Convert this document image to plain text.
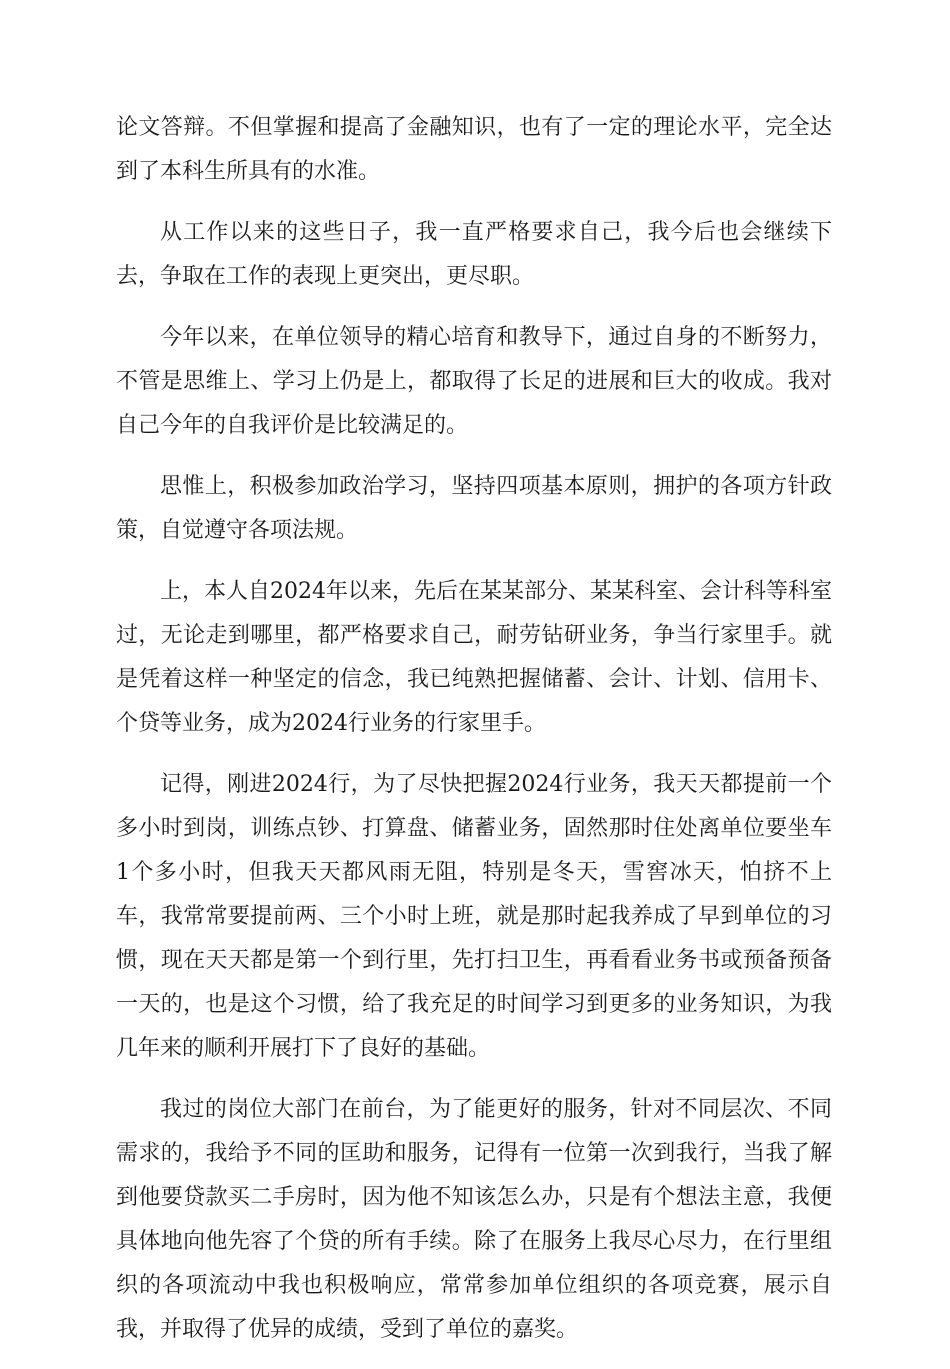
论文答辩。不但掌握和提高了金融知识，也有了一定的理论水平，完全达到了本科生所具有的水准。

从工作以来的这些日子，我一直严格要求自己，我今后也会继续下去，争取在工作的表现上更突出，更尽职。

今年以来，在单位领导的精心培育和教导下，通过自身的不断努力，不管是思维上、学习上仍是上，都取得了长足的进展和巨大的收成。我对自己今年的自我评价是比较满足的。

思惟上，积极参加政治学习，坚持四项基本原则，拥护的各项方针政策，自觉遵守各项法规。

上，本人自2024年以来，先后在某某部分、某某科室、会计科等科室过，无论走到哪里，都严格要求自己，耐劳钻研业务，争当行家里手。就是凭着这样一种坚定的信念，我已纯熟把握储蓄、会计、计划、信用卡、个贷等业务，成为2024行业务的行家里手。

记得，刚进2024行，为了尽快把握2024行业务，我天天都提前一个多小时到岗，训练点钞、打算盘、储蓄业务，固然那时住处离单位要坐车1个多小时，但我天天都风雨无阻，特别是冬天，雪窖冰天，怕挤不上车，我常常要提前两、三个小时上班，就是那时起我养成了早到单位的习惯，现在天天都是第一个到行里，先打扫卫生，再看看业务书或预备预备一天的，也是这个习惯，给了我充足的时间学习到更多的业务知识，为我几年来的顺利开展打下了良好的基础。

我过的岗位大部门在前台，为了能更好的服务，针对不同层次、不同需求的，我给予不同的匡助和服务，记得有一位第一次到我行，当我了解到他要贷款买二手房时，因为他不知该怎么办，只是有个想法主意，我便具体地向他先容了个贷的所有手续。除了在服务上我尽心尽力，在行里组织的各项流动中我也积极响应，常常参加单位组织的各项竞赛，展示自我，并取得了优异的成绩，受到了单位的嘉奖。
